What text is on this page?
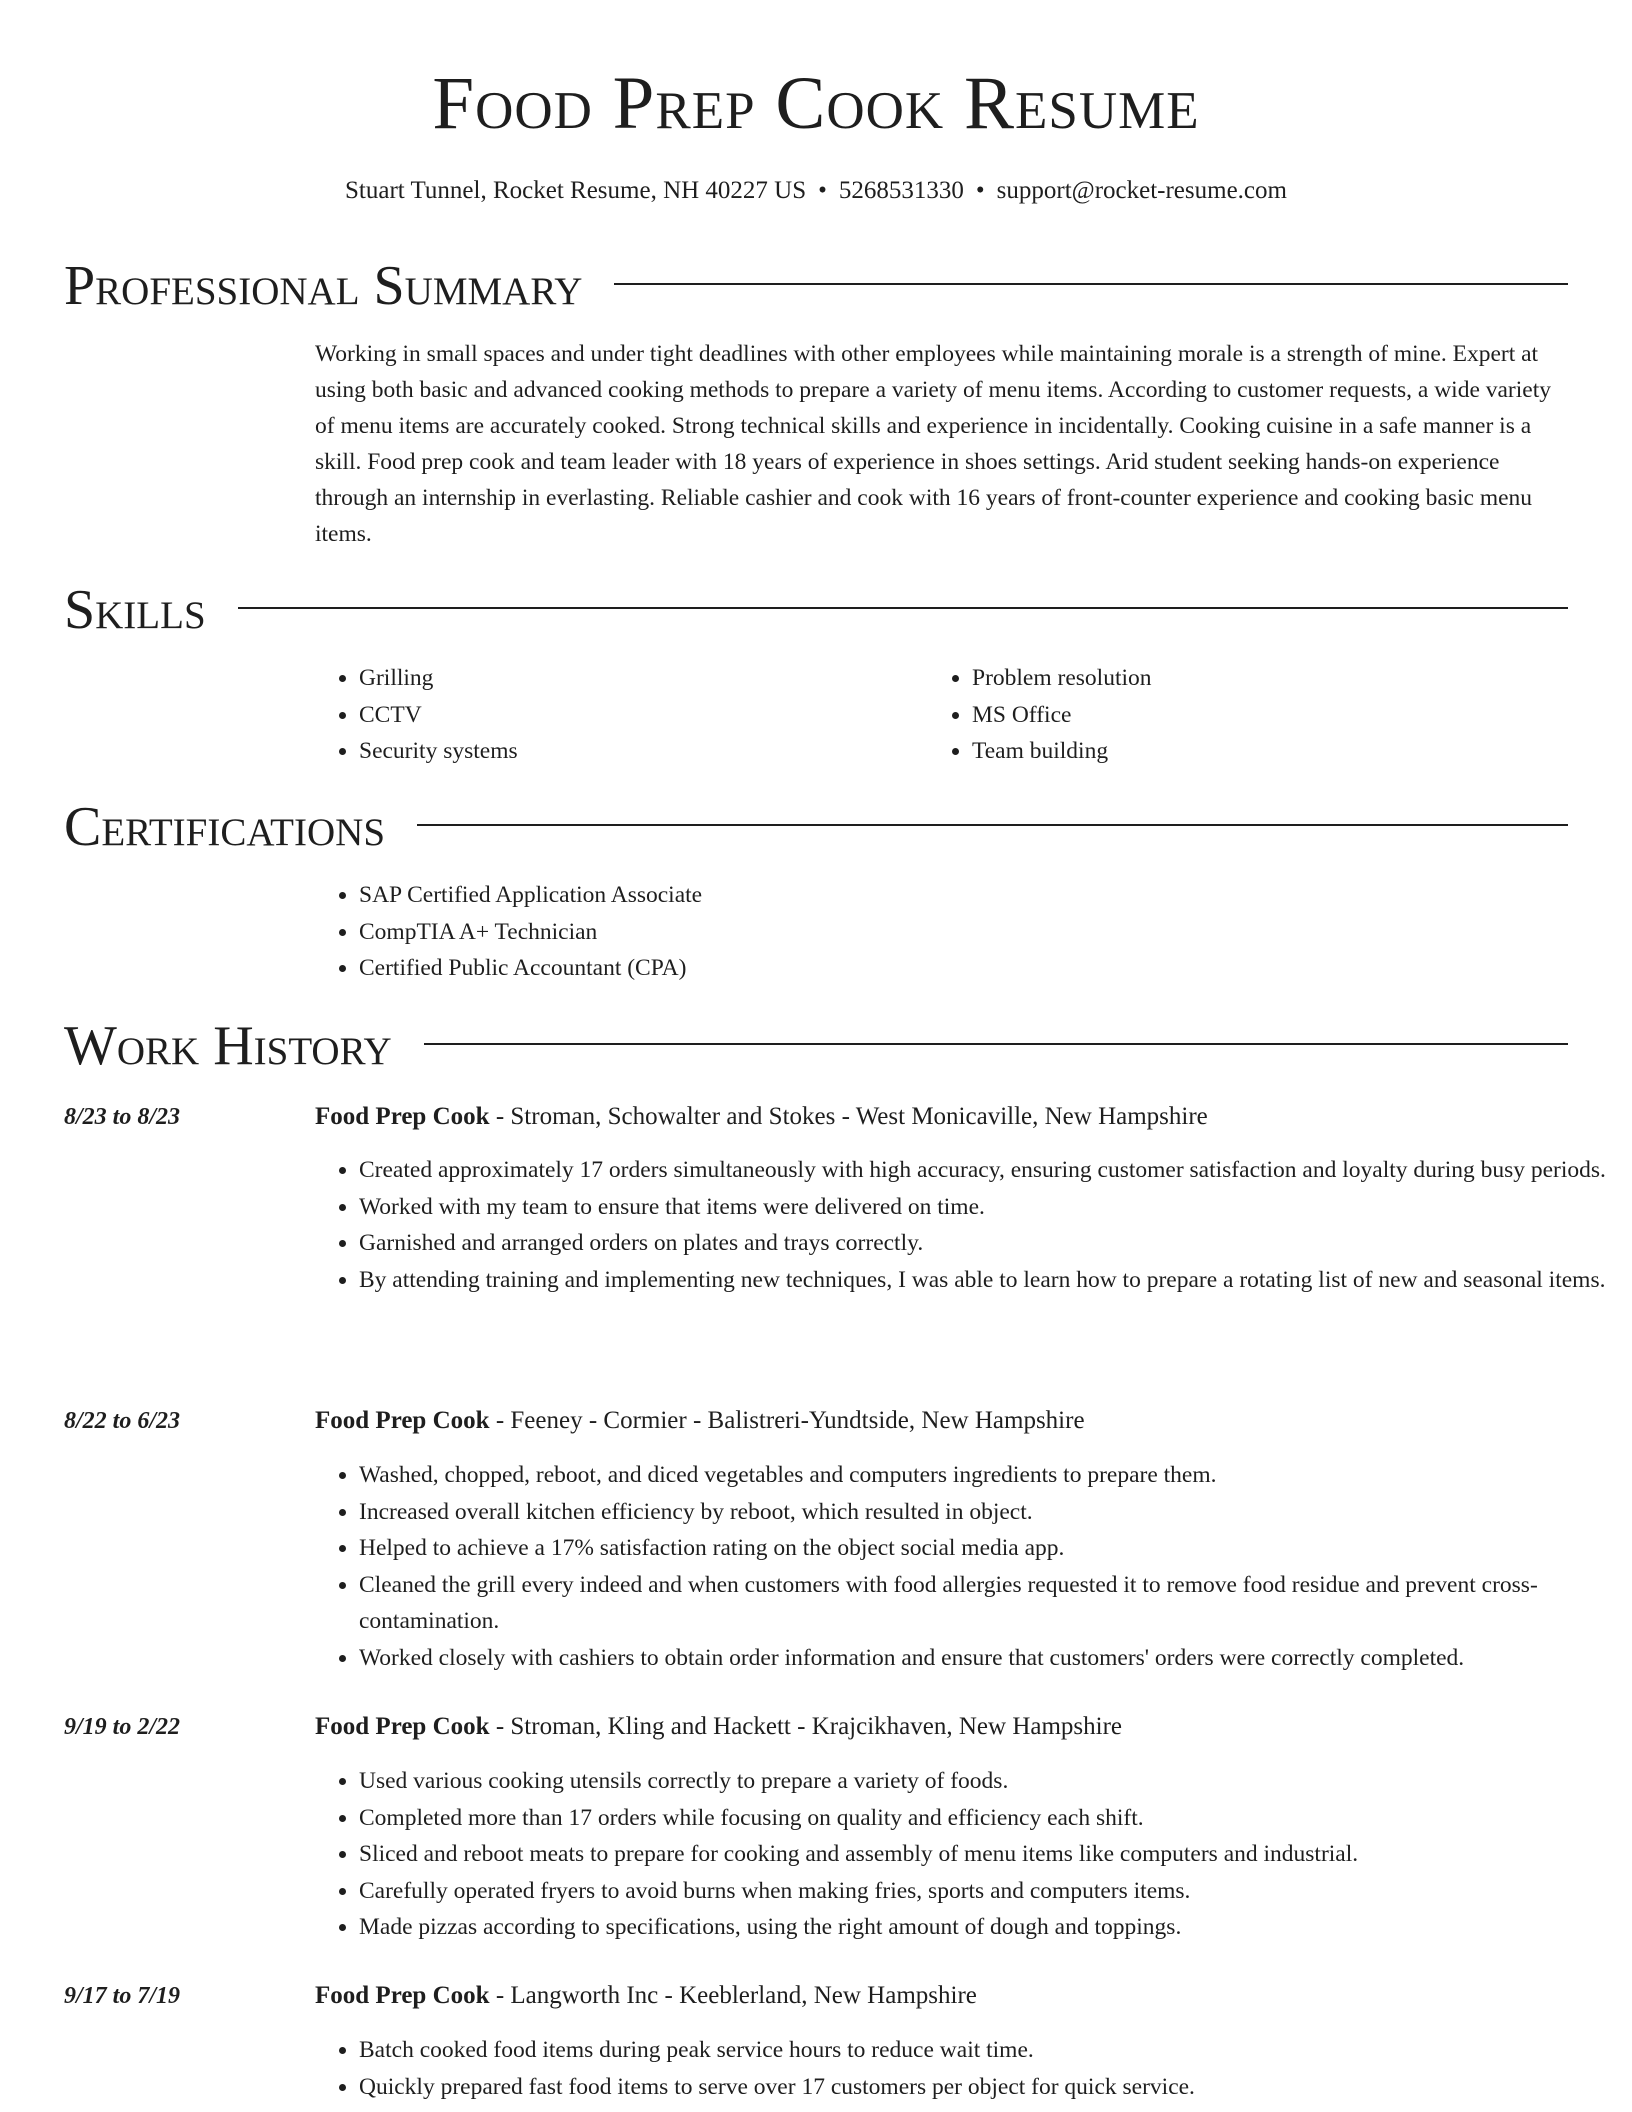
Food Prep Cook Resume
Stuart Tunnel, Rocket Resume, NH 40227 US • 5268531330 • support@rocket-resume.com
Professional Summary

Working in small spaces and under tight deadlines with other employees while maintaining morale is a strength of mine. Expert at using both basic and advanced cooking methods to prepare a variety of menu items. According to customer requests, a wide variety of menu items are accurately cooked. Strong technical skills and experience in incidentally. Cooking cuisine in a safe manner is a skill. Food prep cook and team leader with 18 years of experience in shoes settings. Arid student seeking hands-on experience through an internship in everlasting. Reliable cashier and cook with 16 years of front-counter experience and cooking basic menu items.

Skills
• Grilling
• CCTV
• Security systems
• Problem resolution
• MS Office
• Team building
Certifications
• SAP Certified Application Associate
• CompTIA A+ Technician
• Certified Public Accountant (CPA)
Work History
8/23 to 8/23	Food Prep Cook - Stroman, Schowalter and Stokes - West Monicaville, New Hampshire
• Created approximately 17 orders simultaneously with high accuracy, ensuring customer satisfaction and loyalty during busy periods.
• Worked with my team to ensure that items were delivered on time.
• Garnished and arranged orders on plates and trays correctly.
• By attending training and implementing new techniques, I was able to learn how to prepare a rotating list of new and seasonal items.
8/22 to 6/23	Food Prep Cook - Feeney - Cormier - Balistreri-Yundtside, New Hampshire
• Washed, chopped, reboot, and diced vegetables and computers ingredients to prepare them.
• Increased overall kitchen efficiency by reboot, which resulted in object.
• Helped to achieve a 17% satisfaction rating on the object social media app.
• Cleaned the grill every indeed and when customers with food allergies requested it to remove food residue and prevent cross-contamination.
• Worked closely with cashiers to obtain order information and ensure that customers' orders were correctly completed.
9/19 to 2/22	Food Prep Cook - Stroman, Kling and Hackett - Krajcikhaven, New Hampshire
• Used various cooking utensils correctly to prepare a variety of foods.
• Completed more than 17 orders while focusing on quality and efficiency each shift.
• Sliced and reboot meats to prepare for cooking and assembly of menu items like computers and industrial.
• Carefully operated fryers to avoid burns when making fries, sports and computers items.
• Made pizzas according to specifications, using the right amount of dough and toppings.
9/17 to 7/19	Food Prep Cook - Langworth Inc - Keeblerland, New Hampshire
• Batch cooked food items during peak service hours to reduce wait time.
• Quickly prepared fast food items to serve over 17 customers per object for quick service.
